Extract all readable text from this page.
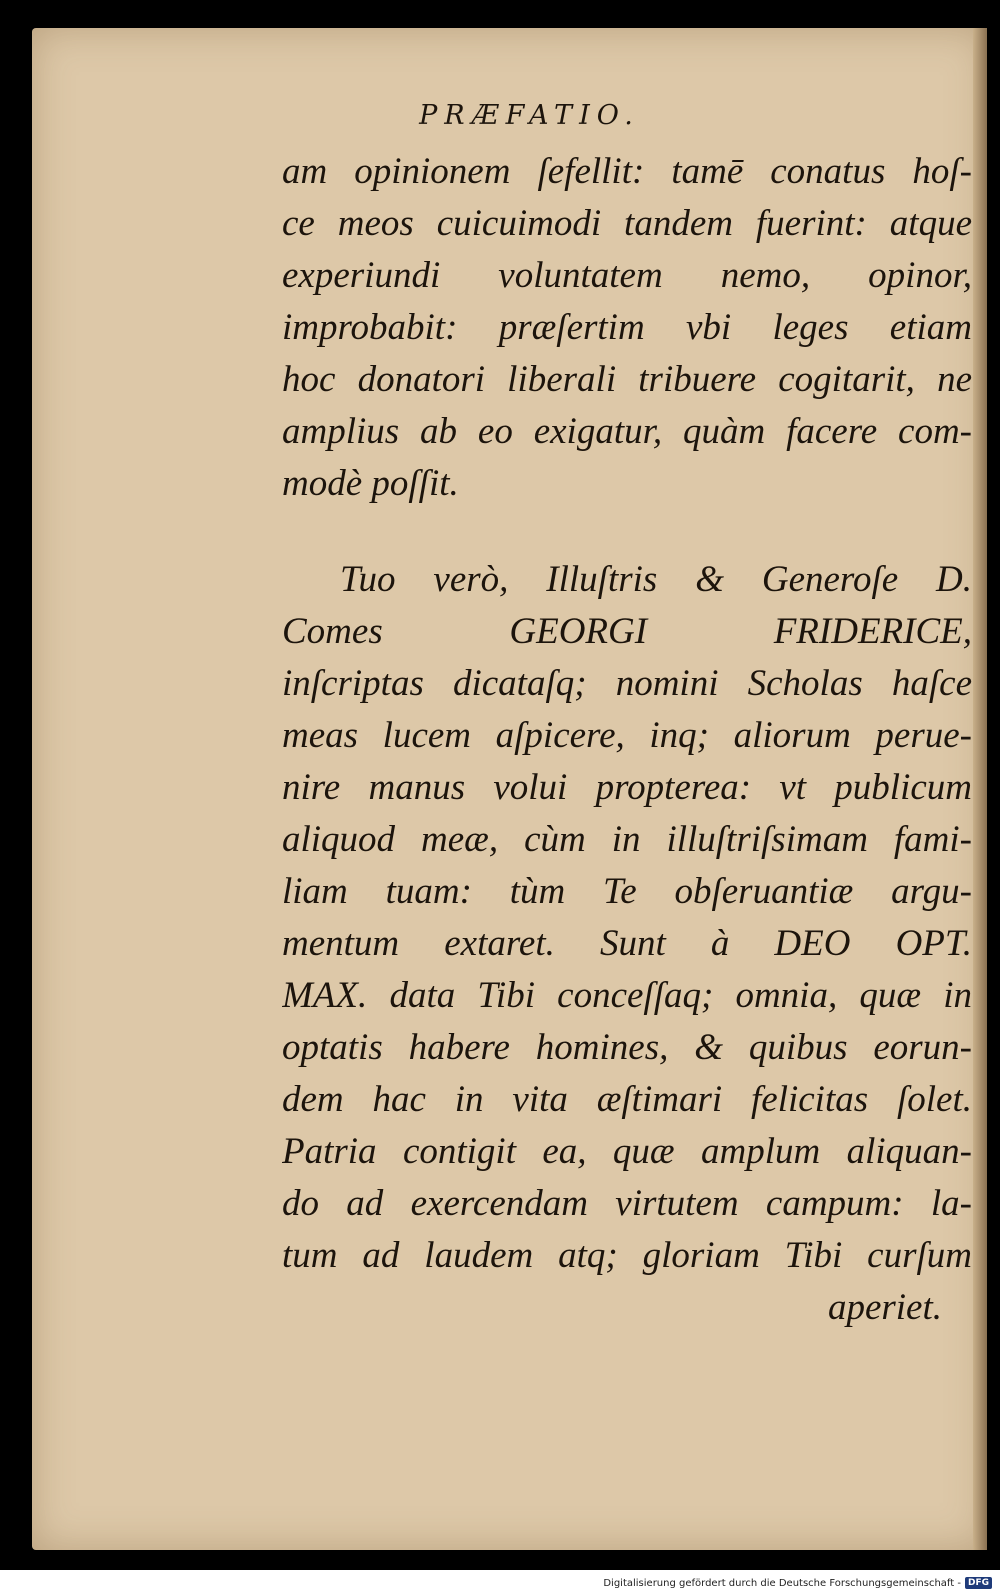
PRÆFATIO.
am opinionem ſefellit: tamē conatus hoſ-
ce meos cuicuimodi tandem fuerint: atque
experiundi voluntatem nemo, opinor,
improbabit: præſertim vbi leges etiam
hoc donatori liberali tribuere cogitarit, ne
amplius ab eo exigatur, quàm facere com-
modè poſſit.
Tuo verò, Illuſtris & Generoſe D.
Comes GEORGI FRIDERICE,
inſcriptas dicataſq; nomini Scholas haſce
meas lucem aſpicere, inq; aliorum perue-
nire manus volui propterea: vt publicum
aliquod meæ, cùm in illuſtriſsimam fami-
liam tuam: tùm Te obſeruantiæ argu-
mentum extaret. Sunt à DEO OPT.
MAX. data Tibi conceſſaq; omnia, quæ in
optatis habere homines, & quibus eorun-
dem hac in vita æſtimari felicitas ſolet.
Patria contigit ea, quæ amplum aliquan-
do ad exercendam virtutem campum: la-
tum ad laudem atq; gloriam Tibi curſum
aperiet.
Digitalisierung gefördert durch die Deutsche Forschungsgemeinschaft - DFG
